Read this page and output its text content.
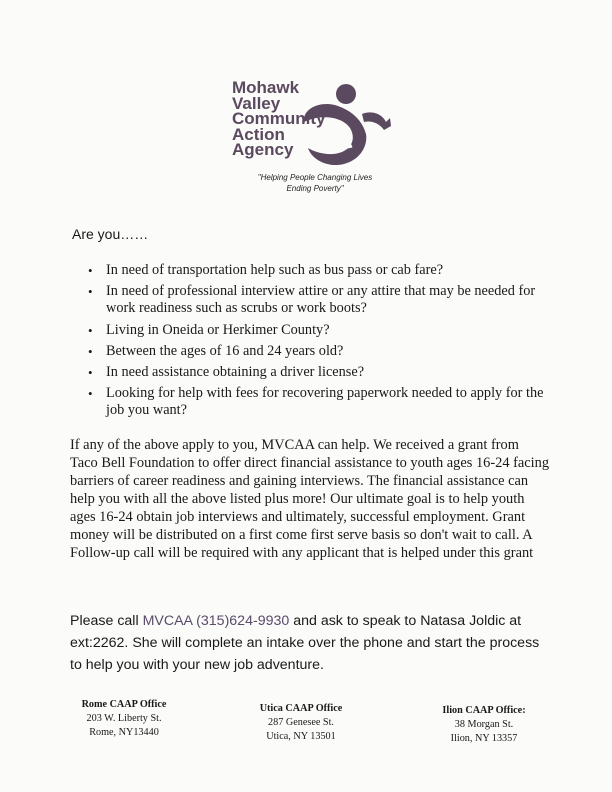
Mohawk
Valley
Community
Action
Agency
"Helping People Changing Lives
Ending Poverty"
Are you……
• In need of transportation help such as bus pass or cab fare?
• In need of professional interview attire or any attire that may be needed for work readiness such as scrubs or work boots?
• Living in Oneida or Herkimer County?
• Between the ages of 16 and 24 years old?
• In need assistance obtaining a driver license?
• Looking for help with fees for recovering paperwork needed to apply for the job you want?
If any of the above apply to you, MVCAA can help. We received a grant from Taco Bell Foundation to offer direct financial assistance to youth ages 16-24 facing barriers of career readiness and gaining interviews. The financial assistance can help you with all the above listed plus more! Our ultimate goal is to help youth ages 16-24 obtain job interviews and ultimately, successful employment. Grant money will be distributed on a first come first serve basis so don't wait to call. A Follow-up call will be required with any applicant that is helped under this grant
Please call MVCAA (315)624-9930 and ask to speak to Natasa Joldic at ext:2262. She will complete an intake over the phone and start the process to help you with your new job adventure.
Rome CAAP Office
203 W. Liberty St.
Rome, NY13440
Utica CAAP Office
287 Genesee St.
Utica, NY 13501
Ilion CAAP Office:
38 Morgan St.
Ilion, NY 13357
